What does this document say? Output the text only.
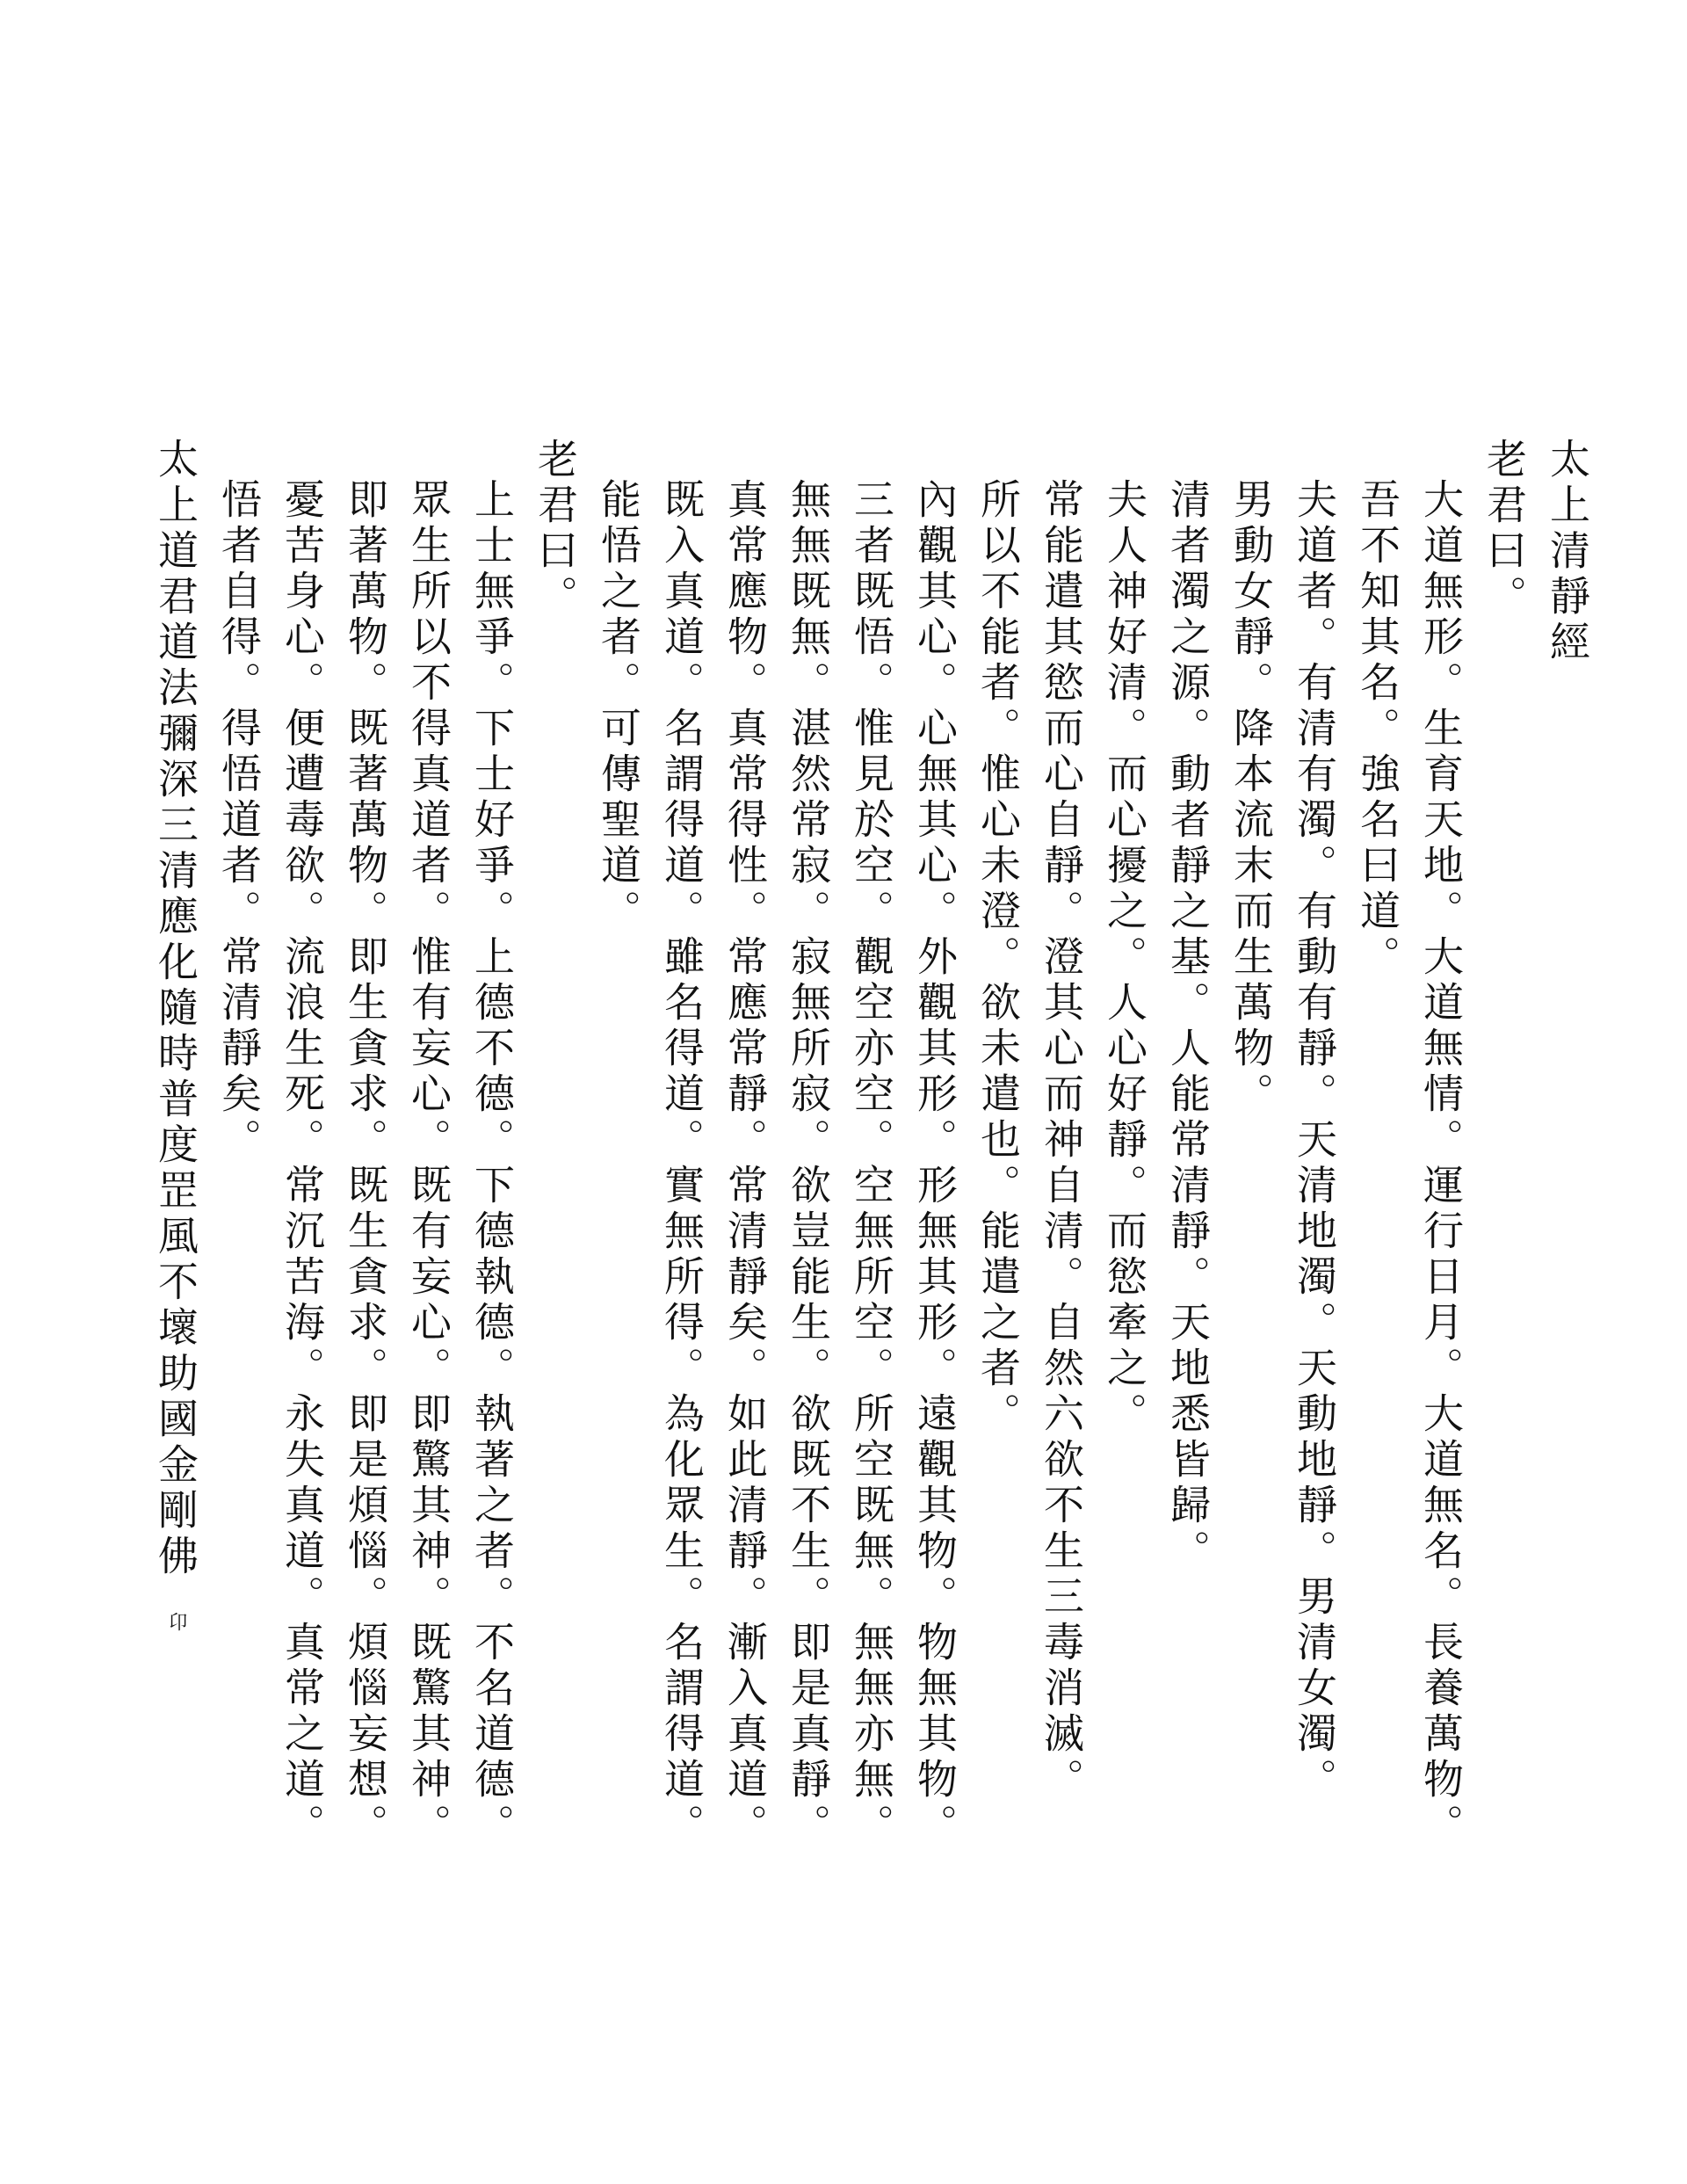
太上清靜經
老君曰。
大道無形。生育天地。大道無情。運行日月。大道無名。長養萬物。
吾不知其名。強名曰道。
夫道者。有清有濁。有動有靜。天清地濁。天動地靜。男清女濁。
男動女靜。降本流末而生萬物。
清者濁之源。動者靜之基。人能常清靜。天地悉皆歸。
夫人神好清。而心擾之。人心好靜。而慾牽之。
常能遣其慾而心自靜。澄其心而神自清。自然六欲不生三毒消滅。
所以不能者。惟心未澄。欲未遣也。能遣之者。
內觀其心。心無其心。外觀其形。形無其形。遠觀其物。物無其物。
三者既悟。惟見於空。觀空亦空。空無所空。所空既無。無無亦無。
無無既無。湛然常寂。寂無所寂。欲豈能生。欲既不生。即是真靜。
真常應物。真常得性。常應常靜。常清靜矣。如此清靜。漸入真道。
既入真道。名謂得道。雖名得道。實無所得。為化眾生。名謂得道。
能悟之者。可傳聖道。
老君曰。
上士無爭。下士好爭。上德不德。下德執德。執著之者。不名道德。
眾生所以不得真道者。惟有妄心。既有妄心。即驚其神。既驚其神。
即著萬物。既著萬物。即生貪求。既生貪求。即是煩惱。煩惱妄想。
憂苦身心。便遭毒欲。流浪生死。常沉苦海。永失真道。真常之道。
悟者自得。得悟道者。常清靜矣。
太上道君道法彌深三清應化隨時普度罡風不壞助國金剛佛卬
